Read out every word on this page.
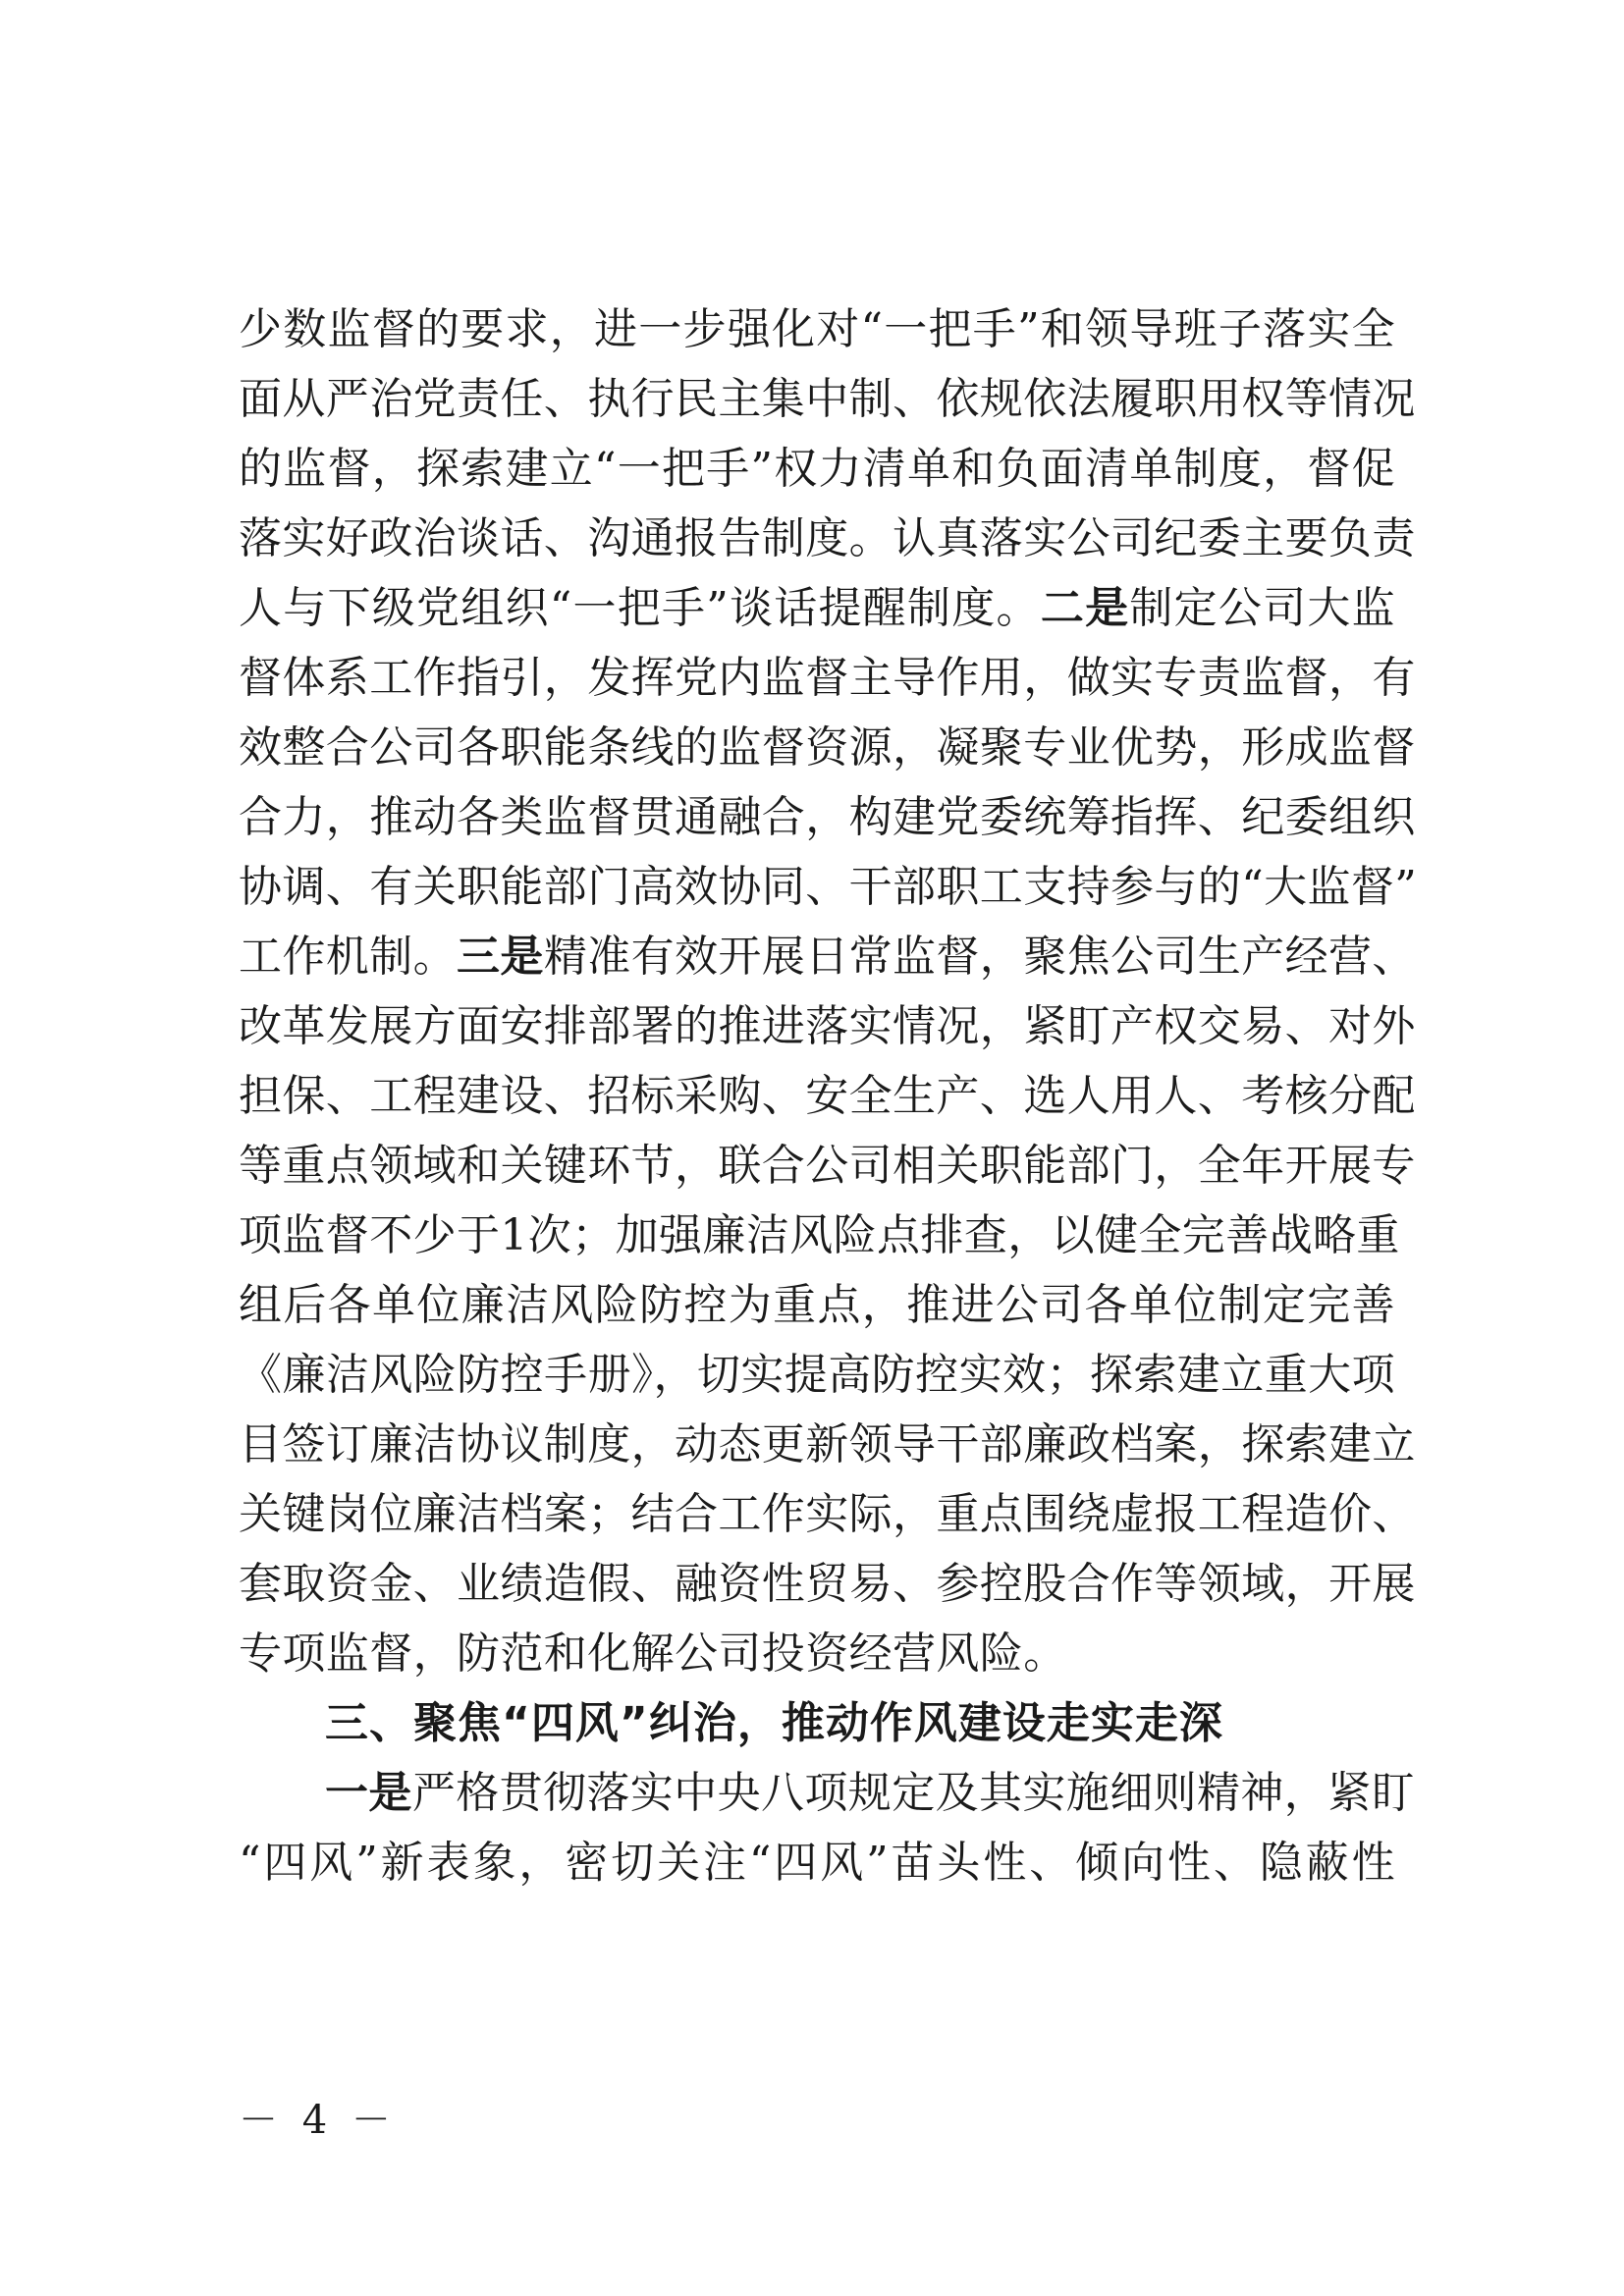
少数监督的要求，进一步强化对“一把手”和领导班子落实全
面从严治党责任、执行民主集中制、依规依法履职用权等情况
的监督，探索建立“一把手”权力清单和负面清单制度，督促
落实好政治谈话、沟通报告制度。认真落实公司纪委主要负责
人与下级党组织“一把手”谈话提醒制度。二是制定公司大监
督体系工作指引，发挥党内监督主导作用，做实专责监督，有
效整合公司各职能条线的监督资源，凝聚专业优势，形成监督
合力，推动各类监督贯通融合，构建党委统筹指挥、纪委组织
协调、有关职能部门高效协同、干部职工支持参与的“大监督”
工作机制。三是精准有效开展日常监督，聚焦公司生产经营、
改革发展方面安排部署的推进落实情况，紧盯产权交易、对外
担保、工程建设、招标采购、安全生产、选人用人、考核分配
等重点领域和关键环节，联合公司相关职能部门，全年开展专
项监督不少于1次；加强廉洁风险点排查，以健全完善战略重
组后各单位廉洁风险防控为重点，推进公司各单位制定完善
《廉洁风险防控手册》，切实提高防控实效；探索建立重大项
目签订廉洁协议制度，动态更新领导干部廉政档案，探索建立
关键岗位廉洁档案；结合工作实际，重点围绕虚报工程造价、
套取资金、业绩造假、融资性贸易、参控股合作等领域，开展
专项监督，防范和化解公司投资经营风险。
三、聚焦“四风”纠治，推动作风建设走实走深
一是严格贯彻落实中央八项规定及其实施细则精神，紧盯
“四风”新表象，密切关注“四风”苗头性、倾向性、隐蔽性
－ 4 －
